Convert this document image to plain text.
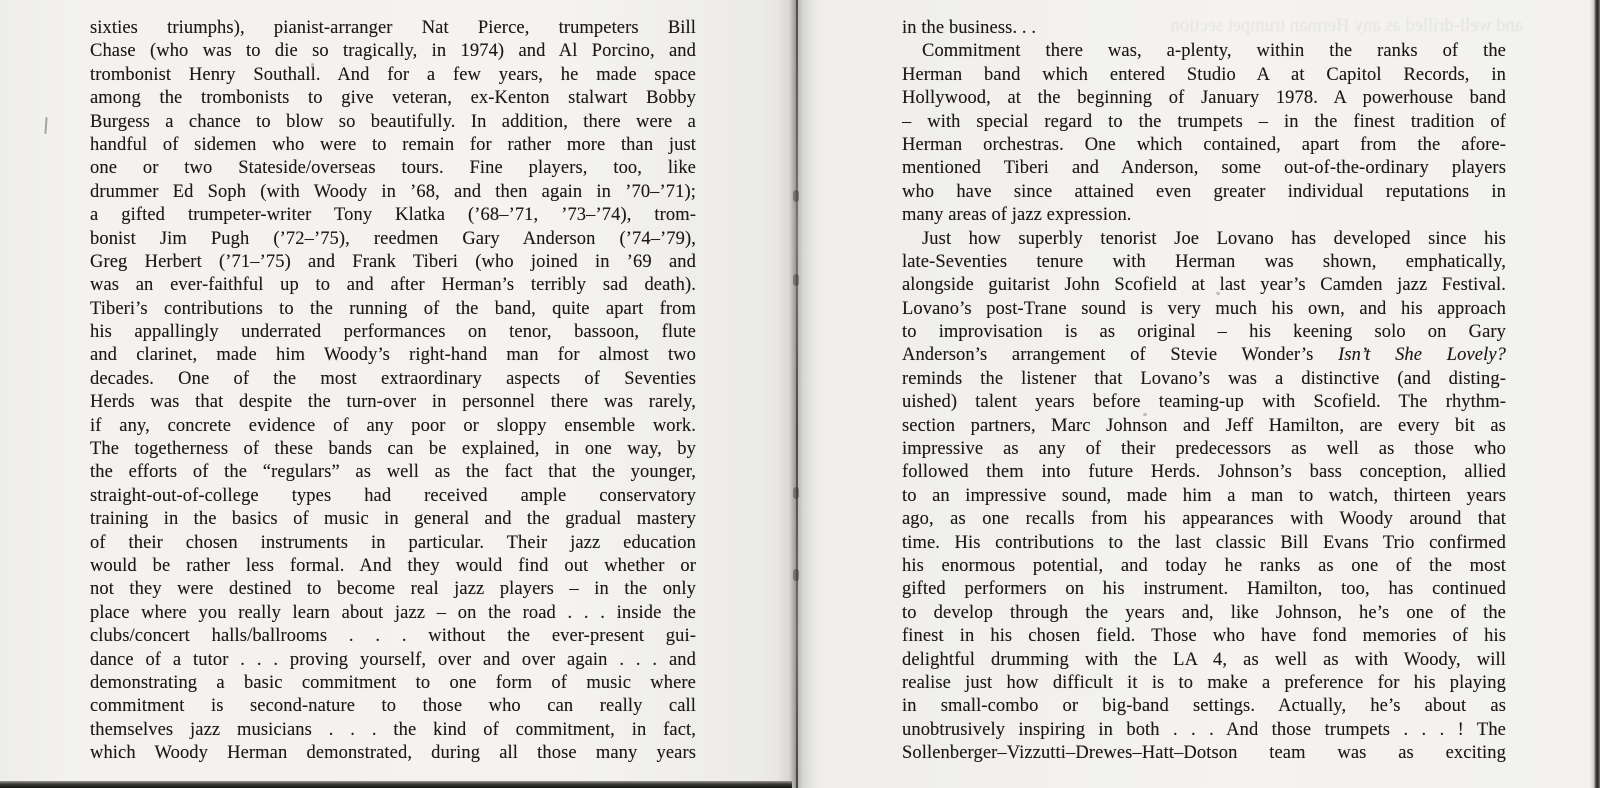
sixties triumphs), pianist-arranger Nat Pierce, trumpeters Bill
Chase (who was to die so tragically, in 1974) and Al Porcino, and
trombonist Henry Southall. And for a few years, he made space
among the trombonists to give veteran, ex-Kenton stalwart Bobby
Burgess a chance to blow so beautifully. In addition, there were a
handful of sidemen who were to remain for rather more than just
one or two Stateside/overseas tours. Fine players, too, like
drummer Ed Soph (with Woody in ’68, and then again in ’70–’71);
a gifted trumpeter-writer Tony Klatka (’68–’71, ’73–’74), trom-
bonist Jim Pugh (’72–’75), reedmen Gary Anderson (’74–’79),
Greg Herbert (’71–’75) and Frank Tiberi (who joined in ’69 and
was an ever-faithful up to and after Herman’s terribly sad death).
Tiberi’s contributions to the running of the band, quite apart from
his appallingly underrated performances on tenor, bassoon, flute
and clarinet, made him Woody’s right-hand man for almost two
decades. One of the most extraordinary aspects of Seventies
Herds was that despite the turn-over in personnel there was rarely,
if any, concrete evidence of any poor or sloppy ensemble work.
The togetherness of these bands can be explained, in one way, by
the efforts of the “regulars” as well as the fact that the younger,
straight-out-of-college types had received ample conservatory
training in the basics of music in general and the gradual mastery
of their chosen instruments in particular. Their jazz education
would be rather less formal. And they would find out whether or
not they were destined to become real jazz players – in the only
place where you really learn about jazz – on the road . . . inside the
clubs/concert halls/ballrooms . . . without the ever-present gui-
dance of a tutor . . . proving yourself, over and over again . . . and
demonstrating a basic commitment to one form of music where
commitment is second-nature to those who can really call
themselves jazz musicians . . . the kind of commitment, in fact,
which Woody Herman demonstrated, during all those many years
and well-drilled as any Herman trumpet section
in the business. . .
Commitment there was, a-plenty, within the ranks of the
Herman band which entered Studio A at Capitol Records, in
Hollywood, at the beginning of January 1978. A powerhouse band
– with special regard to the trumpets – in the finest tradition of
Herman orchestras. One which contained, apart from the afore-
mentioned Tiberi and Anderson, some out-of-the-ordinary players
who have since attained even greater individual reputations in
many areas of jazz expression.
Just how superbly tenorist Joe Lovano has developed since his
late-Seventies tenure with Herman was shown, emphatically,
alongside guitarist John Scofield at last year’s Camden jazz Festival.
Lovano’s post-Trane sound is very much his own, and his approach
to improvisation is as original – his keening solo on Gary
Anderson’s arrangement of Stevie Wonder’s Isn’t She Lovely?
reminds the listener that Lovano’s was a distinctive (and disting-
uished) talent years before teaming-up with Scofield. The rhythm-
section partners, Marc Johnson and Jeff Hamilton, are every bit as
impressive as any of their predecessors as well as those who
followed them into future Herds. Johnson’s bass conception, allied
to an impressive sound, made him a man to watch, thirteen years
ago, as one recalls from his appearances with Woody around that
time. His contributions to the last classic Bill Evans Trio confirmed
his enormous potential, and today he ranks as one of the most
gifted performers on his instrument. Hamilton, too, has continued
to develop through the years and, like Johnson, he’s one of the
finest in his chosen field. Those who have fond memories of his
delightful drumming with the LA 4, as well as with Woody, will
realise just how difficult it is to make a preference for his playing
in small-combo or big-band settings. Actually, he’s about as
unobtrusively inspiring in both . . . And those trumpets . . . ! The
Sollenberger–Vizzutti–Drewes–Hatt–Dotson team was as exciting
